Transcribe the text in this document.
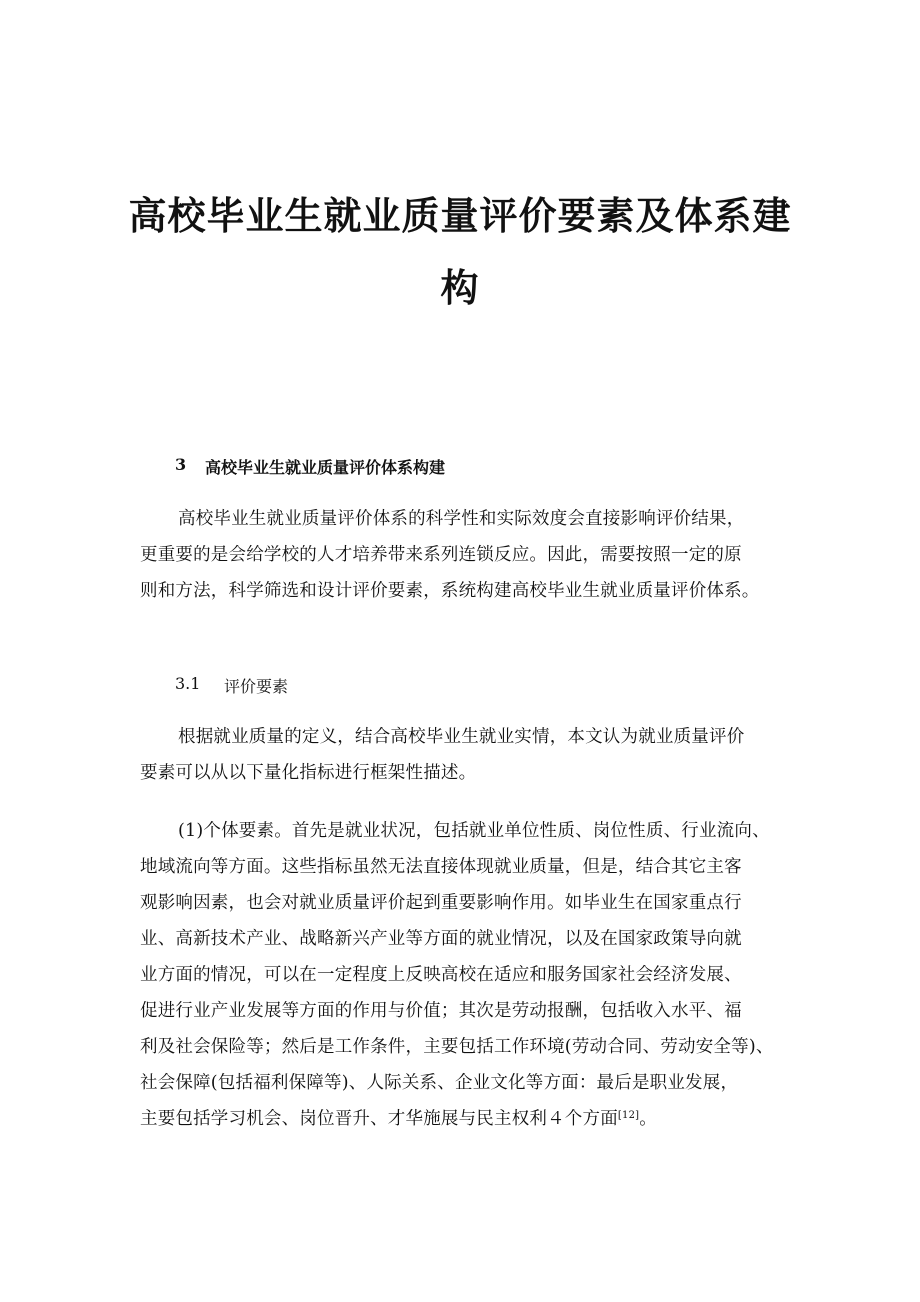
高校毕业生就业质量评价要素及体系建
构
3 高校毕业生就业质量评价体系构建
高校毕业生就业质量评价体系的科学性和实际效度会直接影响评价结果，
更重要的是会给学校的人才培养带来系列连锁反应。因此，需要按照一定的原
则和方法，科学筛选和设计评价要素，系统构建高校毕业生就业质量评价体系。
3.1 评价要素
根据就业质量的定义，结合高校毕业生就业实情，本文认为就业质量评价
要素可以从以下量化指标进行框架性描述。
(1)个体要素。首先是就业状况，包括就业单位性质、岗位性质、行业流向、
地域流向等方面。这些指标虽然无法直接体现就业质量，但是，结合其它主客
观影响因素，也会对就业质量评价起到重要影响作用。如毕业生在国家重点行
业、高新技术产业、战略新兴产业等方面的就业情况，以及在国家政策导向就
业方面的情况，可以在一定程度上反映高校在适应和服务国家社会经济发展、
促进行业产业发展等方面的作用与价值；其次是劳动报酬，包括收入水平、福
利及社会保险等；然后是工作条件，主要包括工作环境(劳动合同、劳动安全等)、
社会保障(包括福利保障等)、人际关系、企业文化等方面：最后是职业发展，
主要包括学习机会、岗位晋升、才华施展与民主权利４个方面[12]。
